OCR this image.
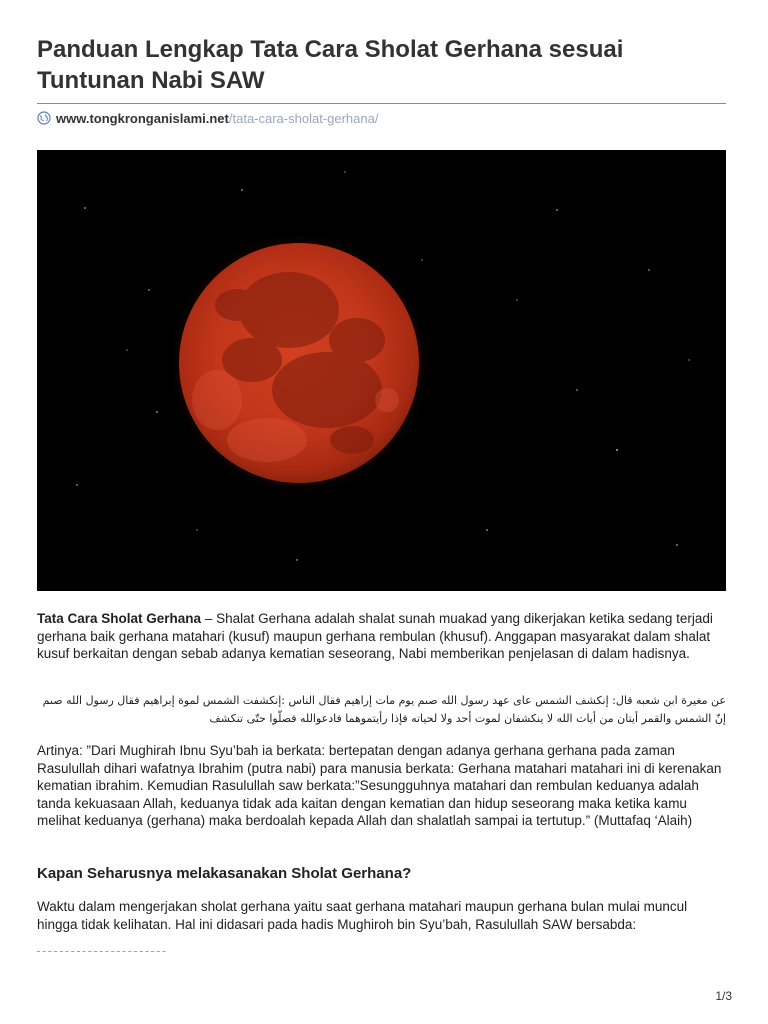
Panduan Lengkap Tata Cara Sholat Gerhana sesuai Tuntunan Nabi SAW
www.tongkronganislami.net/tata-cara-sholat-gerhana/

Tata Cara Sholat Gerhana – Shalat Gerhana adalah shalat sunah muakad yang dikerjakan ketika sedang terjadi gerhana baik gerhana matahari (kusuf) maupun gerhana rembulan (khusuf). Anggapan masyarakat dalam shalat kusuf berkaitan dengan sebab adanya kematian seseorang, Nabi memberikan penjelasan di dalam hadisnya.

عن مغيرة ابن شعبه قال: إنكشف الشمس عاى عهد رسول الله صىم يوم مات إراهيم فقال الناس :إنكشفت الشمس لموة إبراهيم فقال رسول الله صىم إنّ الشمس والقمر أيتان من أيات الله لا ينكشفان لموت أحد ولا لحياته فإذا رأيتموهما فادعوالله فصلّوا حتّى تنكشف

Artinya: ”Dari Mughirah Ibnu Syu’bah ia berkata: bertepatan dengan adanya gerhana gerhana pada zaman Rasulullah dihari wafatnya Ibrahim (putra nabi) para manusia berkata: Gerhana matahari matahari ini di kerenakan kematian ibrahim. Kemudian Rasulullah saw berkata:”Sesungguhnya matahari dan rembulan keduanya adalah tanda kekuasaan Allah, keduanya tidak ada kaitan dengan kematian dan hidup seseorang maka ketika kamu melihat keduanya (gerhana) maka berdoalah kepada Allah dan shalatlah sampai ia tertutup.” (Muttafaq ‘Alaih)

Kapan Seharusnya melakasanakan Sholat Gerhana?

Waktu dalam mengerjakan sholat gerhana yaitu saat gerhana matahari maupun gerhana bulan mulai muncul hingga tidak kelihatan. Hal ini didasari pada hadis Mughiroh bin Syu’bah, Rasulullah SAW bersabda:

ـ ـ ـ ـ ـ ـ ـ ـ ـ ـ ـ ـ ـ ـ ـ ـ ـ ـ ـ ـ ـ ـ ـ
1/3
